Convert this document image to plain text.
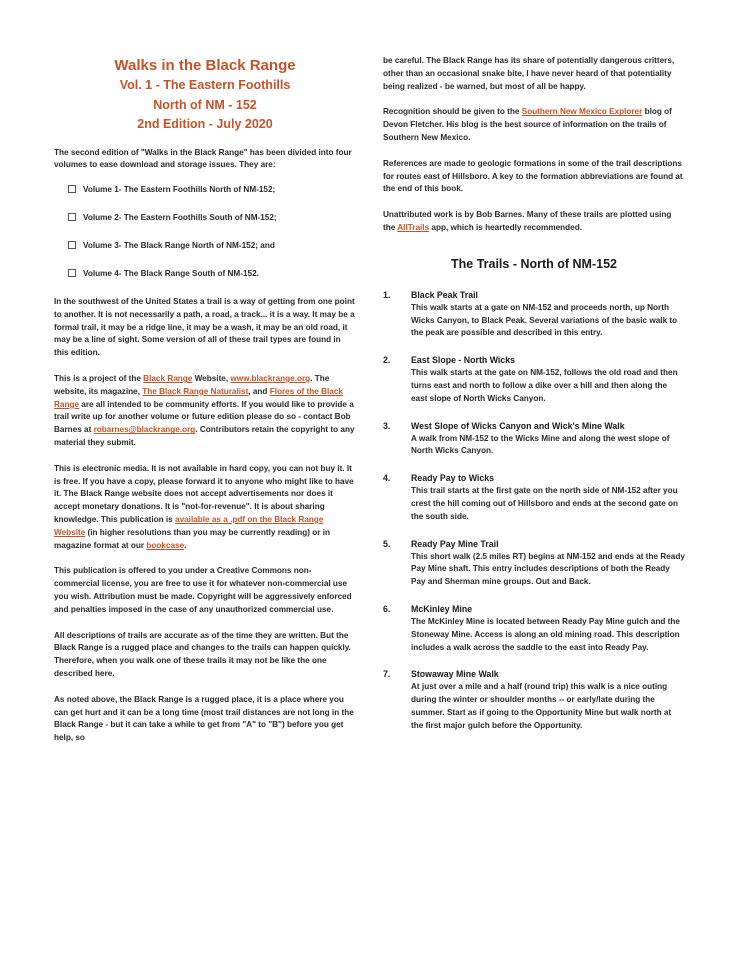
Walks in the Black Range
Vol. 1 - The Eastern Foothills
North of NM - 152
2nd Edition - July 2020

The second edition of "Walks in the Black Range" has been divided into four volumes to ease download and storage issues. They are:

Volume 1- The Eastern Foothills North of NM-152;
Volume 2- The Eastern Foothills South of NM-152;
Volume 3- The Black Range North of NM-152; and
Volume 4- The Black Range South of NM-152.

In the southwest of the United States a trail is a way of getting from one point to another. It is not necessarily a path, a road, a track... it is a way. It may be a formal trail, it may be a ridge line, it may be a wash, it may be an old road, it may be a line of sight. Some version of all of these trail types are found in this edition.

This is a project of the Black Range Website, www.blackrange.org. The website, its magazine, The Black Range Naturalist, and Flores of the Black Range are all intended to be community efforts. If you would like to provide a trail write up for another volume or future edition please do so - contact Bob Barnes at robarnes@blackrange.org. Contributors retain the copyright to any material they submit.

This is electronic media. It is not available in hard copy, you can not buy it. It is free. If you have a copy, please forward it to anyone who might like to have it. The Black Range website does not accept advertisements nor does it accept monetary donations. It is "not-for-revenue". It is about sharing knowledge. This publication is available as a .pdf on the Black Range Website (in higher resolutions than you may be currently reading) or in magazine format at our bookcase.

This publication is offered to you under a Creative Commons non-commercial license, you are free to use it for whatever non-commercial use you wish. Attribution must be made. Copyright will be aggressively enforced and penalties imposed in the case of any unauthorized commercial use.

All descriptions of trails are accurate as of the time they are written. But the Black Range is a rugged place and changes to the trails can happen quickly. Therefore, when you walk one of these trails it may not be like the one described here.

As noted above, the Black Range is a rugged place, it is a place where you can get hurt and it can be a long time (most trail distances are not long in the Black Range - but it can take a while to get from "A" to "B") before you get help, so

be careful. The Black Range has its share of potentially dangerous critters, other than an occasional snake bite, I have never heard of that potentiality being realized - be warned, but most of all be happy.

Recognition should be given to the Southern New Mexico Explorer blog of Devon Fletcher. His blog is the best source of information on the trails of Southern New Mexico.

References are made to geologic formations in some of the trail descriptions for routes east of Hillsboro. A key to the formation abbreviations are found at the end of this book.

Unattributed work is by Bob Barnes. Many of these trails are plotted using the AllTrails app, which is heartedly recommended.

The Trails - North of NM-152
1. Black Peak Trail
This walk starts at a gate on NM-152 and proceeds north, up North Wicks Canyon, to Black Peak. Several variations of the basic walk to the peak are possible and described in this entry.
2. East Slope - North Wicks
This walk starts at the gate on NM-152, follows the old road and then turns east and north to follow a dike over a hill and then along the east slope of North Wicks Canyon.
3. West Slope of Wicks Canyon and Wick's Mine Walk
A walk from NM-152 to the Wicks Mine and along the west slope of North Wicks Canyon.
4. Ready Pay to Wicks
This trail starts at the first gate on the north side of NM-152 after you crest the hill coming out of Hillsboro and ends at the second gate on the south side.
5. Ready Pay Mine Trail
This short walk (2.5 miles RT) begins at NM-152 and ends at the Ready Pay Mine shaft. This entry includes descriptions of both the Ready Pay and Sherman mine groups. Out and Back.
6. McKinley Mine
The McKinley Mine is located between Ready Pay Mine gulch and the Stoneway Mine. Access is along an old mining road. This description includes a walk across the saddle to the east into Ready Pay.
7. Stowaway Mine Walk
At just over a mile and a half (round trip) this walk is a nice outing during the winter or shoulder months -- or early/late during the summer. Start as if going to the Opportunity Mine but walk north at the first major gulch before the Opportunity.
